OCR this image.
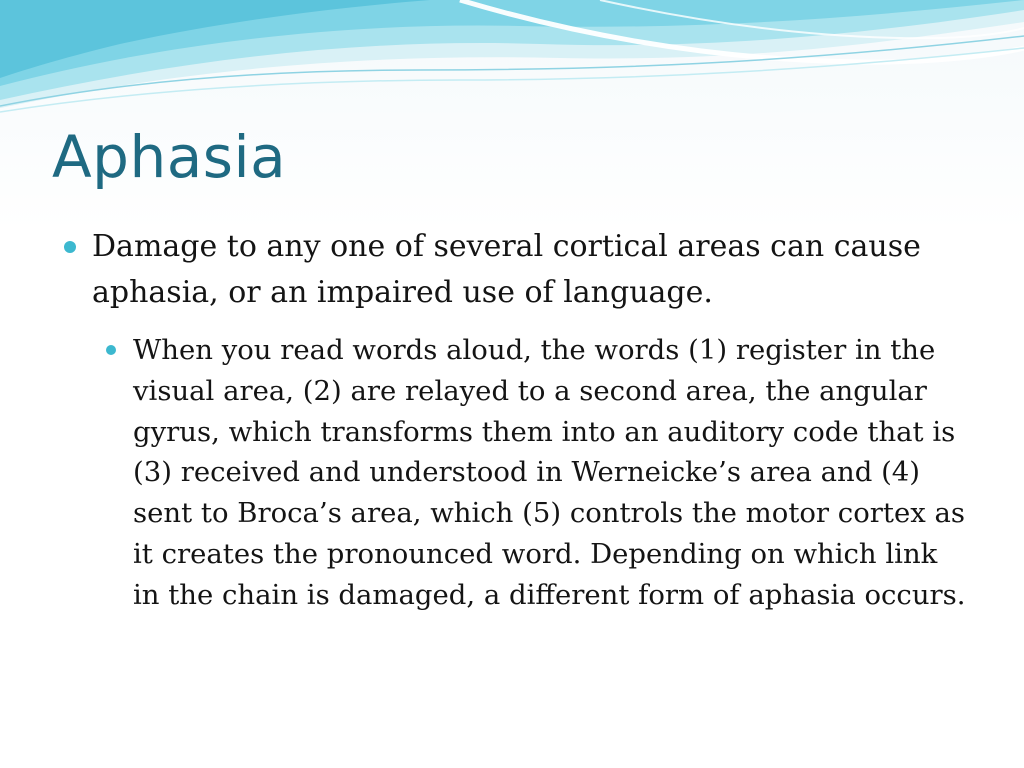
Aphasia
Damage to any one of several cortical areas can cause aphasia, or an impaired use of language.
When you read words aloud, the words (1) register in the visual area, (2) are relayed to a second area, the angular gyrus, which transforms them into an auditory code that is (3) received and understood in Werneicke’s area and (4) sent to Broca’s area, which (5) controls the motor cortex as it creates the pronounced word. Depending on which link in the chain is damaged, a different form of aphasia occurs.
